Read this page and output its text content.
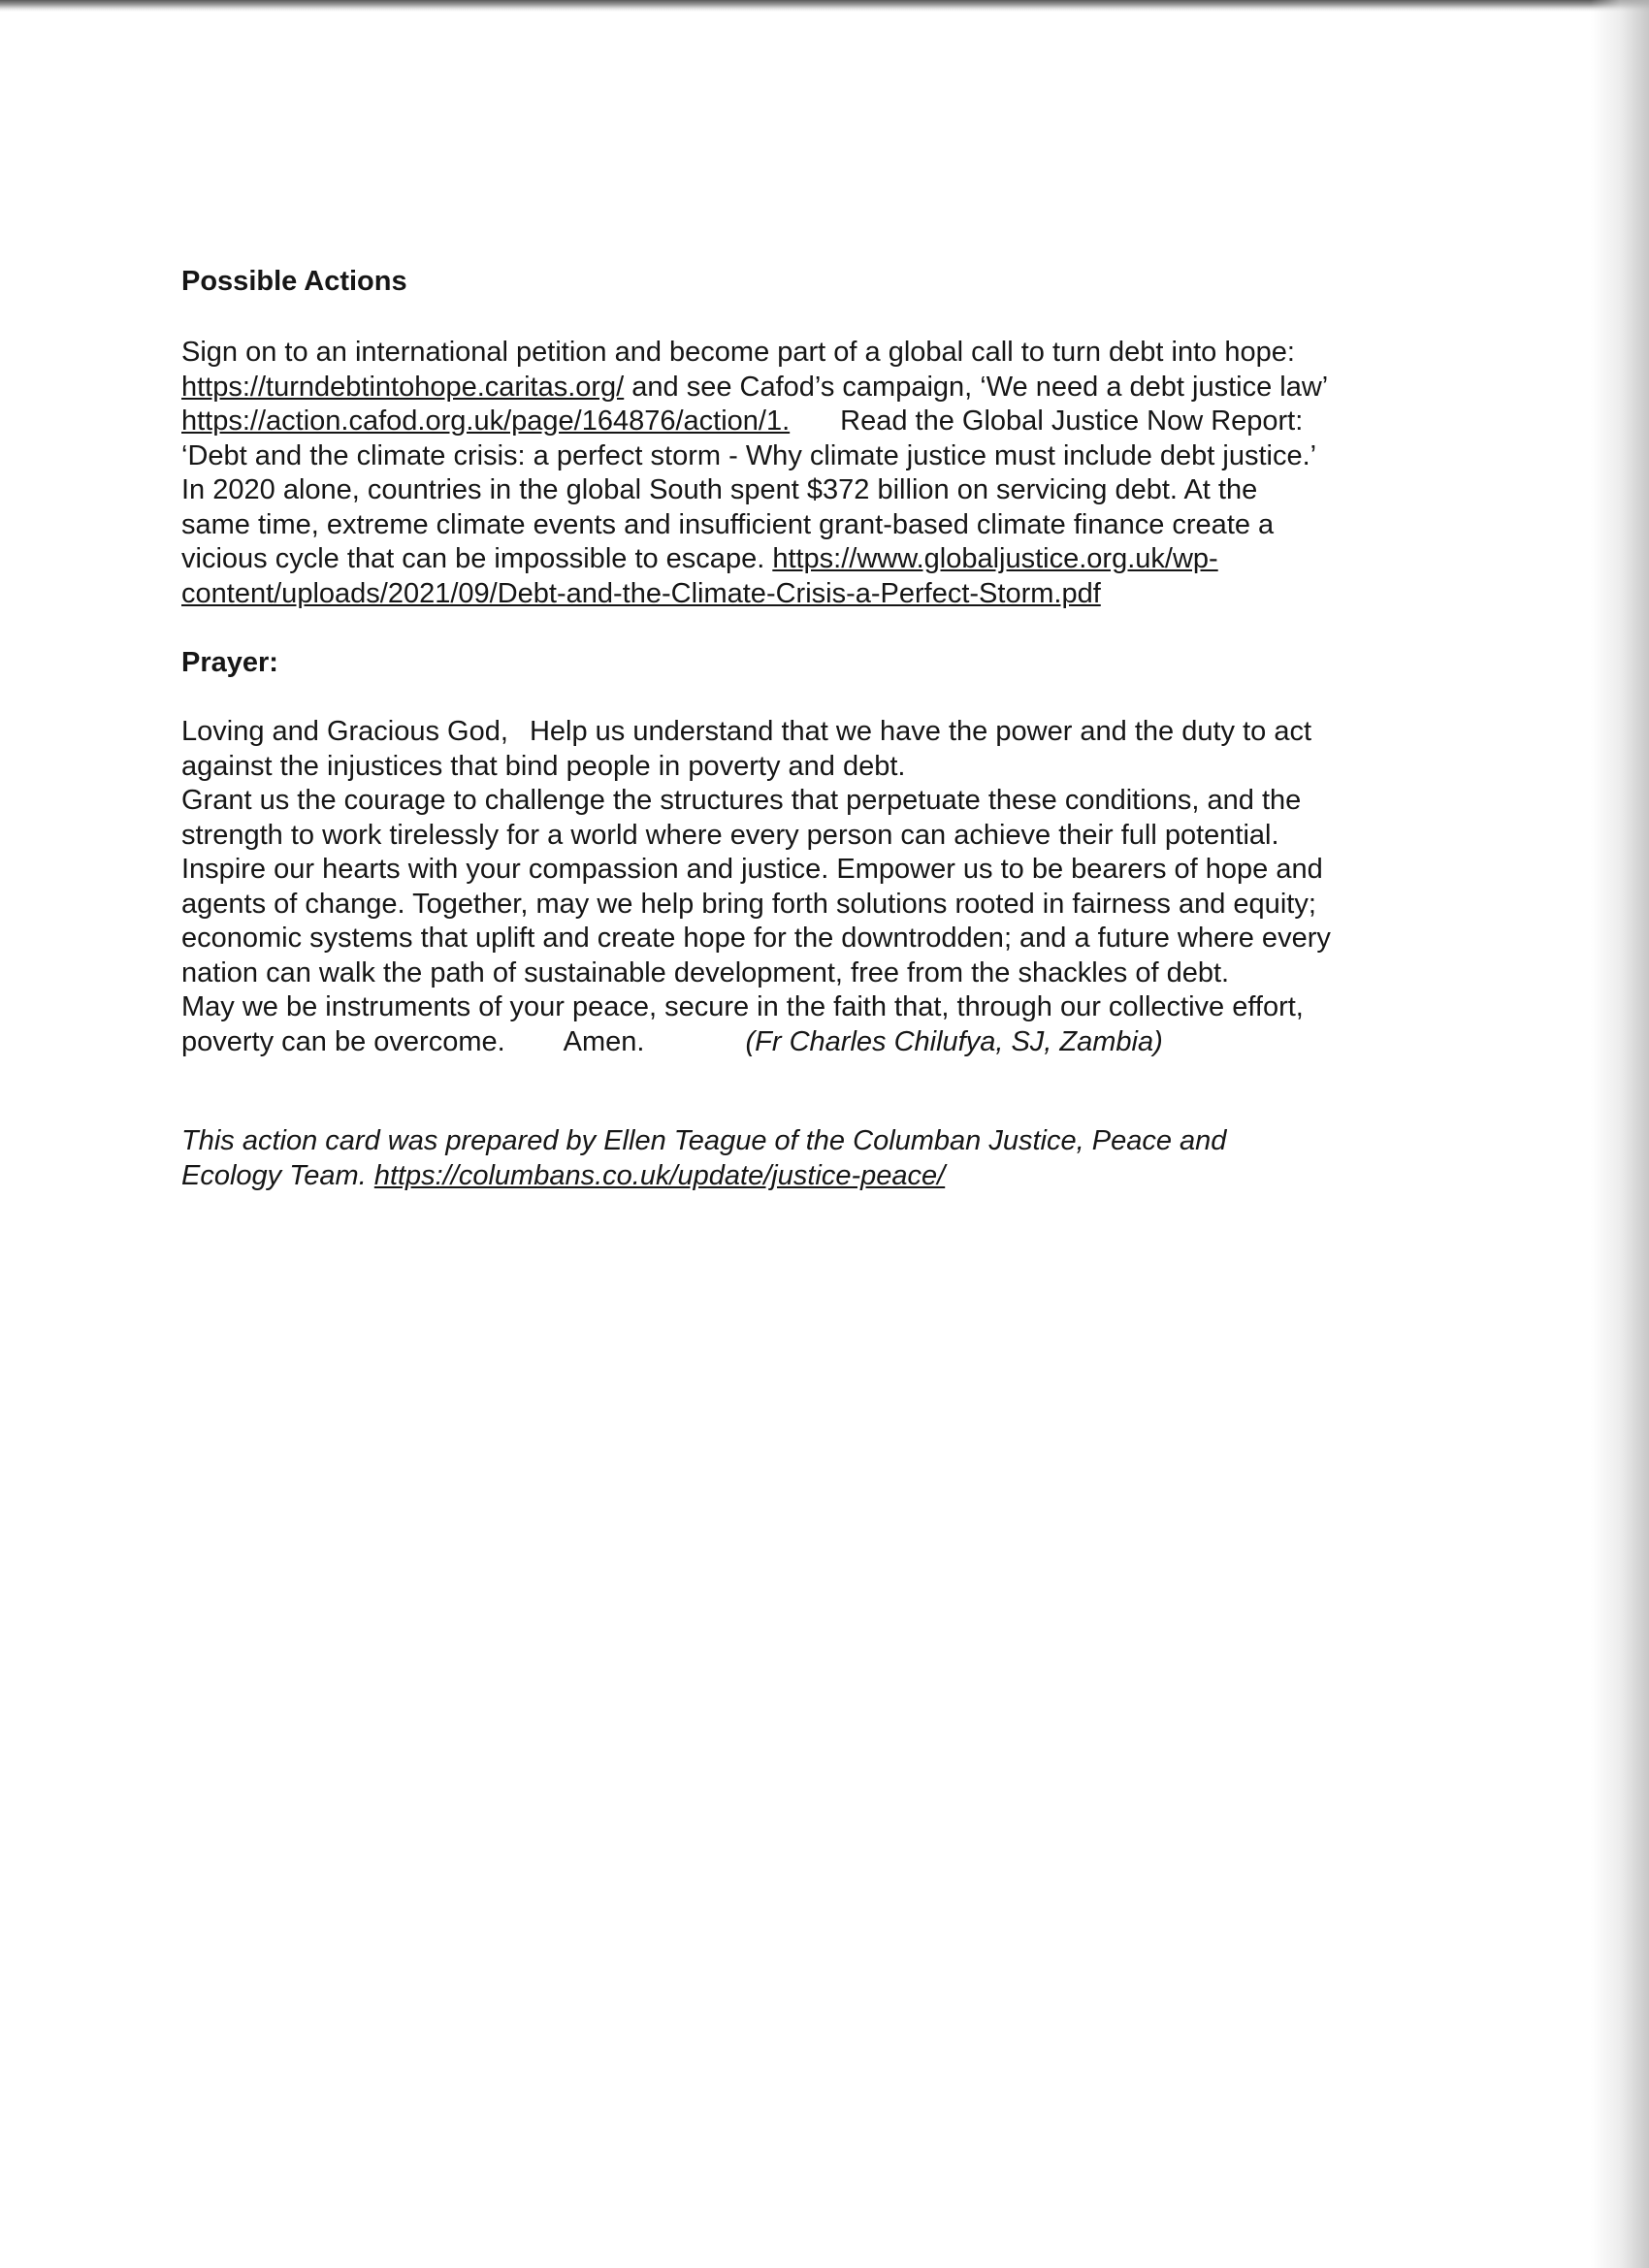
Possible Actions
Sign on to an international petition and become part of a global call to turn debt into hope:
https://turndebtintohope.caritas.org/ and see Cafod’s campaign, ‘We need a debt justice law’
https://action.cafod.org.uk/page/164876/action/1. Read the Global Justice Now Report:
‘Debt and the climate crisis: a perfect storm - Why climate justice must include debt justice.’
In 2020 alone, countries in the global South spent $372 billion on servicing debt. At the
same time, extreme climate events and insufficient grant-based climate finance create a
vicious cycle that can be impossible to escape. https://www.globaljustice.org.uk/wp-
content/uploads/2021/09/Debt-and-the-Climate-Crisis-a-Perfect-Storm.pdf
Prayer:
Loving and Gracious God, Help us understand that we have the power and the duty to act
against the injustices that bind people in poverty and debt.
Grant us the courage to challenge the structures that perpetuate these conditions, and the
strength to work tirelessly for a world where every person can achieve their full potential.
Inspire our hearts with your compassion and justice. Empower us to be bearers of hope and
agents of change. Together, may we help bring forth solutions rooted in fairness and equity;
economic systems that uplift and create hope for the downtrodden; and a future where every
nation can walk the path of sustainable development, free from the shackles of debt.
May we be instruments of your peace, secure in the faith that, through our collective effort,
poverty can be overcome. Amen.	(Fr Charles Chilufya, SJ, Zambia)
This action card was prepared by Ellen Teague of the Columban Justice, Peace and
Ecology Team. https://columbans.co.uk/update/justice-peace/
